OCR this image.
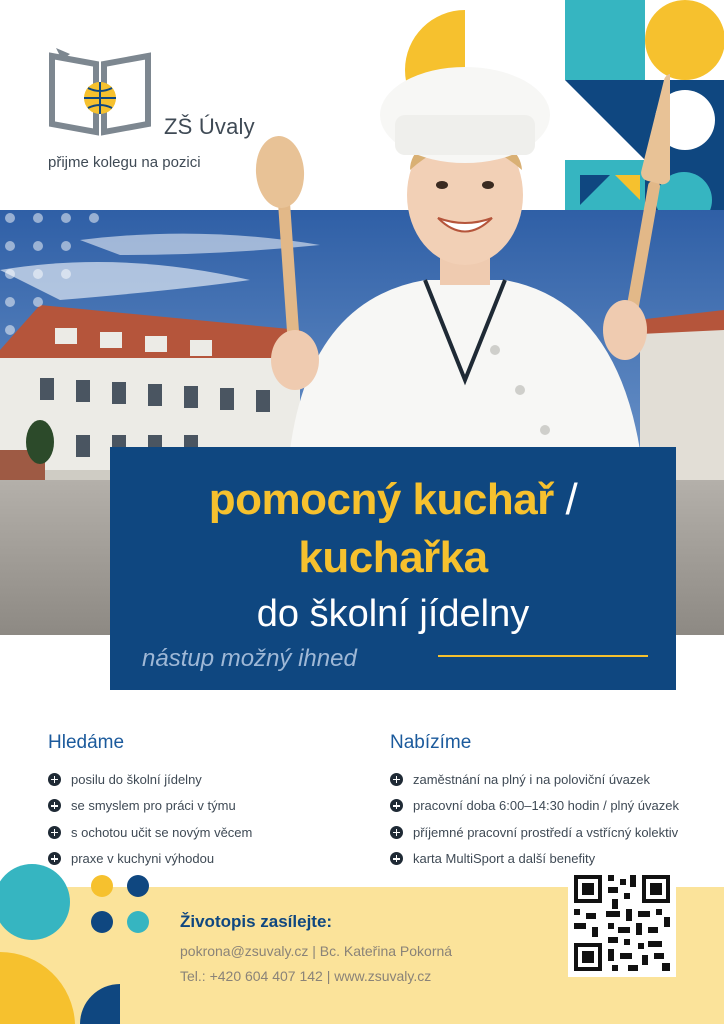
ZŠ Úvaly
přijme kolegu na pozici
pomocný kuchař /
kuchařka
do školní jídelny
nástup možný ihned
Hledáme
posilu do školní jídelny
se smyslem pro práci v týmu
s ochotou učit se novým věcem
praxe v kuchyni výhodou
Nabízíme
zaměstnání na plný i na poloviční úvazek
pracovní doba 6:00–14:30 hodin / plný úvazek
příjemné pracovní prostředí a vstřícný kolektiv
karta MultiSport a další benefity
Životopis zasílejte:
pokrona@zsuvaly.cz | Bc. Kateřina Pokorná
Tel.: +420 604 407 142 | www.zsuvaly.cz
